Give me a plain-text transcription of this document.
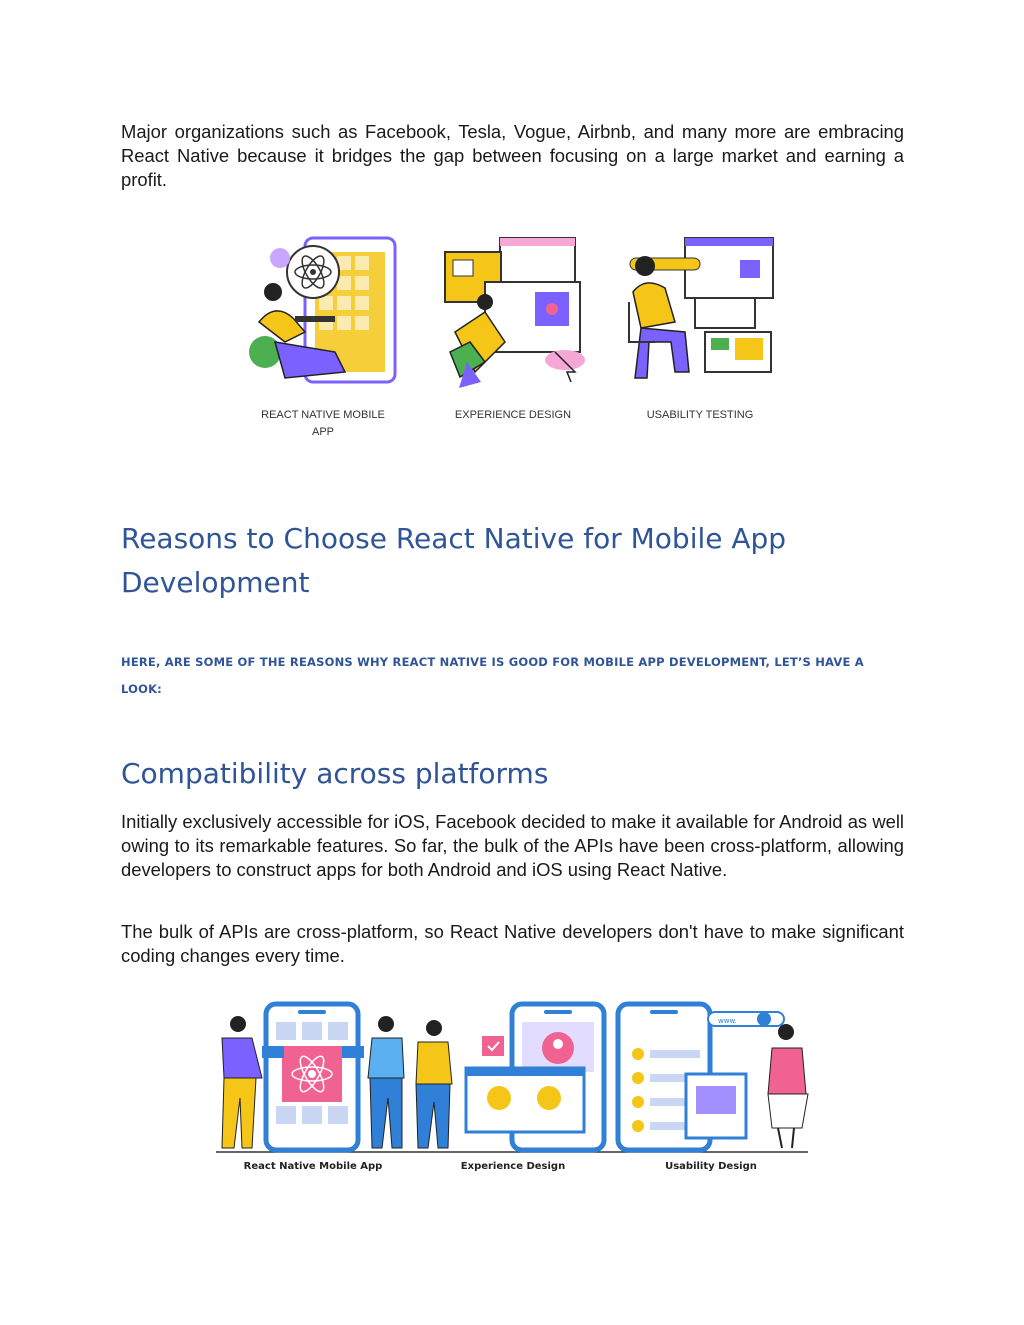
Major organizations such as Facebook, Tesla, Vogue, Airbnb, and many more are embracing React Native because it bridges the gap between focusing on a large market and earning a profit.

REACT NATIVE MOBILE APP
EXPERIENCE DESIGN	USABILITY TESTING
Reasons to Choose React Native for Mobile App
Development

HERE, ARE SOME OF THE REASONS WHY REACT NATIVE IS GOOD FOR MOBILE APP DEVELOPMENT, LET’S HAVE A LOOK:

Compatibility across platforms

Initially exclusively accessible for iOS, Facebook decided to make it available for Android as well owing to its remarkable features. So far, the bulk of the APIs have been cross-platform, allowing developers to construct apps for both Android and iOS using React Native.

The bulk of APIs are cross-platform, so React Native developers don't have to make significant coding changes every time.

www.
React Native Mobile App	Experience Design	Usability Design
